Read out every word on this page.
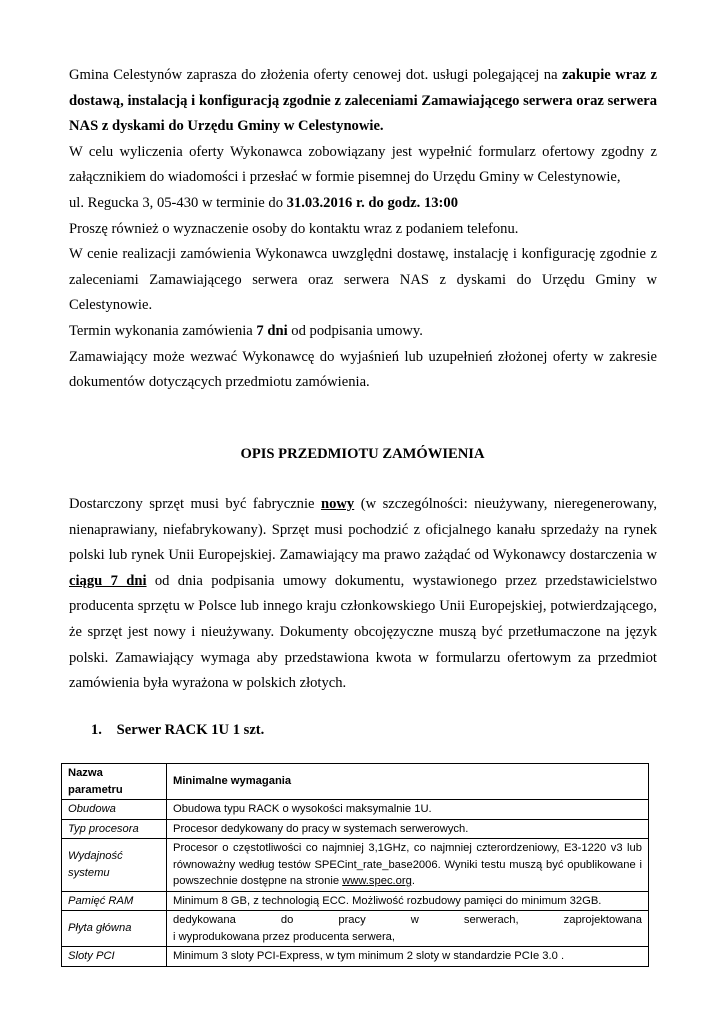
Gmina Celestynów zaprasza do złożenia oferty cenowej dot. usługi polegającej na zakupie wraz z dostawą, instalacją i konfiguracją zgodnie z zaleceniami Zamawiającego serwera oraz serwera NAS z dyskami do Urzędu Gminy w Celestynowie.

W celu wyliczenia oferty Wykonawca zobowiązany jest wypełnić formularz ofertowy zgodny z załącznikiem do wiadomości i przesłać w formie pisemnej do Urzędu Gminy w Celestynowie,

ul. Regucka 3, 05-430 w terminie do 31.03.2016 r. do godz. 13:00

Proszę również o wyznaczenie osoby do kontaktu wraz z podaniem telefonu.

W cenie realizacji zamówienia Wykonawca uwzględni dostawę, instalację i konfigurację zgodnie z zaleceniami Zamawiającego serwera oraz serwera NAS z dyskami do Urzędu Gminy w Celestynowie.

Termin wykonania zamówienia 7 dni od podpisania umowy.

Zamawiający może wezwać Wykonawcę do wyjaśnień lub uzupełnień złożonej oferty w zakresie dokumentów dotyczących przedmiotu zamówienia.

OPIS PRZEDMIOTU ZAMÓWIENIA

Dostarczony sprzęt musi być fabrycznie nowy (w szczególności: nieużywany, nieregenerowany, nienaprawiany, niefabrykowany). Sprzęt musi pochodzić z oficjalnego kanału sprzedaży na rynek polski lub rynek Unii Europejskiej. Zamawiający ma prawo zażądać od Wykonawcy dostarczenia w ciągu 7 dni od dnia podpisania umowy dokumentu, wystawionego przez przedstawicielstwo producenta sprzętu w Polsce lub innego kraju członkowskiego Unii Europejskiej, potwierdzającego, że sprzęt jest nowy i nieużywany. Dokumenty obcojęzyczne muszą być przetłumaczone na język polski. Zamawiający wymaga aby przedstawiona kwota w formularzu ofertowym za przedmiot zamówienia była wyrażona w polskich złotych.

1. Serwer RACK 1U 1 szt.
Nazwa parametru	Minimalne wymagania
Obudowa	Obudowa typu RACK o wysokości maksymalnie 1U.
Typ procesora	Procesor dedykowany do pracy w systemach serwerowych.
Wydajność systemu	Procesor o częstotliwości co najmniej 3,1GHz, co najmniej czterordzeniowy, E3-1220 v3 lub równoważny według testów SPECint_rate_base2006. Wyniki testu muszą być opublikowane i powszechnie dostępne na stronie www.spec.org.
Pamięć RAM	Minimum 8 GB, z technologią ECC. Możliwość rozbudowy pamięci do minimum 32GB.
Płyta główna	dedykowana do pracy w serwerach, zaprojektowana
i wyprodukowana przez producenta serwera,

Sloty PCI	Minimum 3 sloty PCI-Express, w tym minimum 2 sloty w standardzie PCIe 3.0 .
